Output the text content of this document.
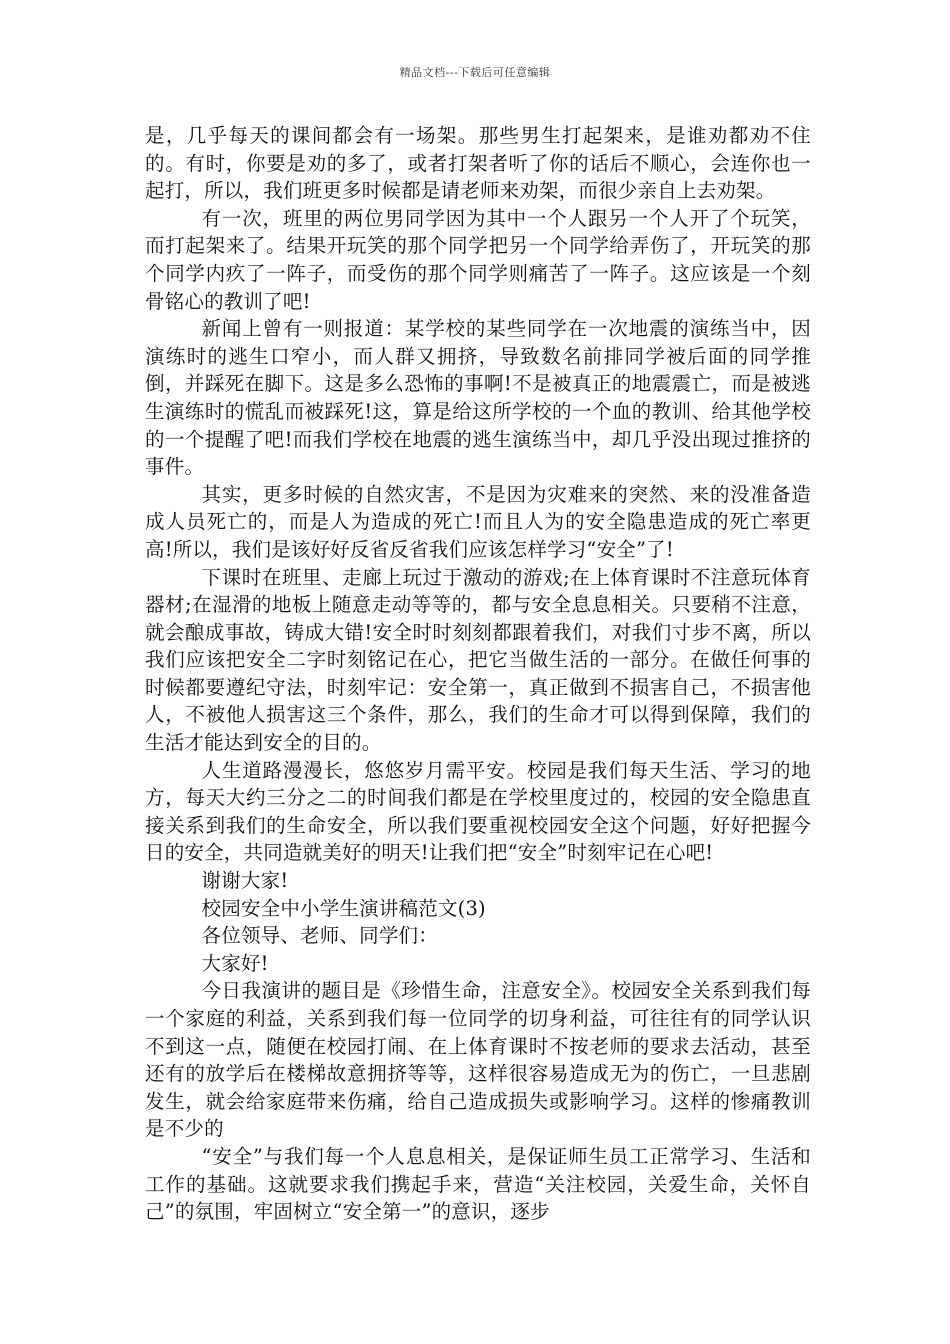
精品文档---下载后可任意编辑

是，几乎每天的课间都会有一场架。那些男生打起架来，是谁劝都劝不住的。有时，你要是劝的多了，或者打架者听了你的话后不顺心，会连你也一起打，所以，我们班更多时候都是请老师来劝架，而很少亲自上去劝架。

有一次，班里的两位男同学因为其中一个人跟另一个人开了个玩笑，而打起架来了。结果开玩笑的那个同学把另一个同学给弄伤了，开玩笑的那个同学内疚了一阵子，而受伤的那个同学则痛苦了一阵子。这应该是一个刻骨铭心的教训了吧!

新闻上曾有一则报道：某学校的某些同学在一次地震的演练当中，因演练时的逃生口窄小，而人群又拥挤，导致数名前排同学被后面的同学推倒，并踩死在脚下。这是多么恐怖的事啊!不是被真正的地震震亡，而是被逃生演练时的慌乱而被踩死!这，算是给这所学校的一个血的教训、给其他学校的一个提醒了吧!而我们学校在地震的逃生演练当中，却几乎没出现过推挤的事件。

其实，更多时候的自然灾害，不是因为灾难来的突然、来的没准备造成人员死亡的，而是人为造成的死亡!而且人为的安全隐患造成的死亡率更高!所以，我们是该好好反省反省我们应该怎样学习“安全”了!

下课时在班里、走廊上玩过于激动的游戏;在上体育课时不注意玩体育器材;在湿滑的地板上随意走动等等的，都与安全息息相关。只要稍不注意，就会酿成事故，铸成大错!安全时时刻刻都跟着我们，对我们寸步不离，所以我们应该把安全二字时刻铭记在心，把它当做生活的一部分。在做任何事的时候都要遵纪守法，时刻牢记：安全第一，真正做到不损害自己，不损害他人，不被他人损害这三个条件，那么，我们的生命才可以得到保障，我们的生活才能达到安全的目的。

人生道路漫漫长，悠悠岁月需平安。校园是我们每天生活、学习的地方，每天大约三分之二的时间我们都是在学校里度过的，校园的安全隐患直接关系到我们的生命安全，所以我们要重视校园安全这个问题，好好把握今日的安全，共同造就美好的明天!让我们把“安全”时刻牢记在心吧!

谢谢大家!

校园安全中小学生演讲稿范文(3)

各位领导、老师、同学们：

大家好!

今日我演讲的题目是《珍惜生命，注意安全》。校园安全关系到我们每一个家庭的利益，关系到我们每一位同学的切身利益，可往往有的同学认识不到这一点，随便在校园打闹、在上体育课时不按老师的要求去活动，甚至还有的放学后在楼梯故意拥挤等等，这样很容易造成无为的伤亡，一旦悲剧发生，就会给家庭带来伤痛，给自己造成损失或影响学习。这样的惨痛教训是不少的

“安全”与我们每一个人息息相关，是保证师生员工正常学习、生活和工作的基础。这就要求我们携起手来，营造“关注校园，关爱生命，关怀自己”的氛围，牢固树立“安全第一”的意识，逐步
